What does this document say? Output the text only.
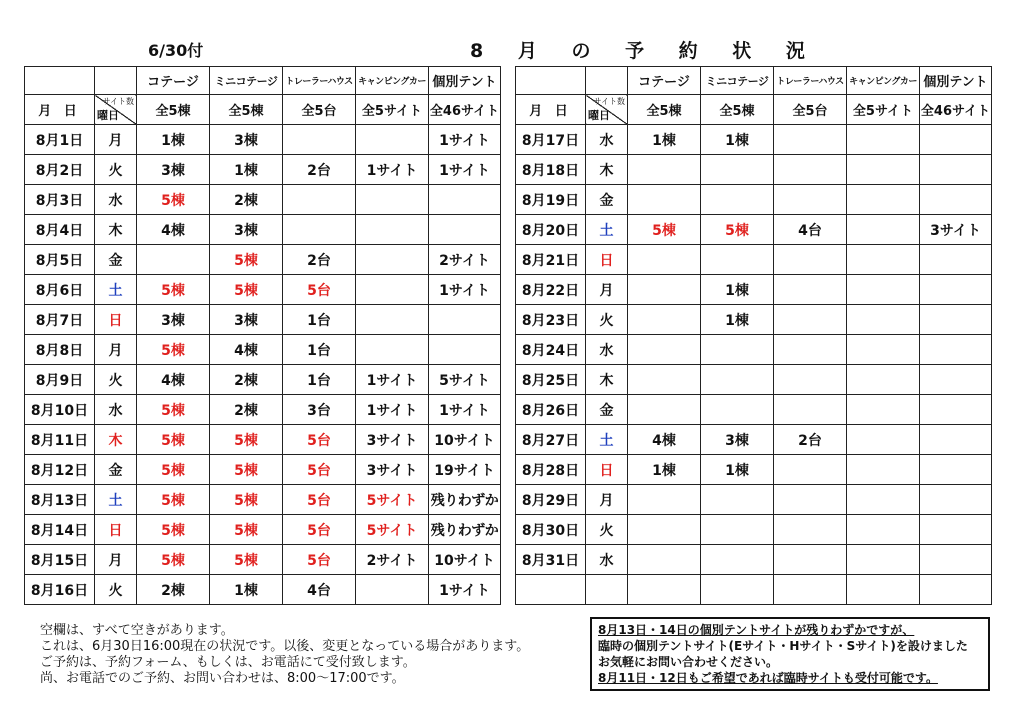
6/30付	8 月 の 予 約 状 況
		コテージ	ミニコテージ	トレーラーハウス	キャンピングカー	個別テント
月 日	サイト数
曜日	全5棟	全5棟	全5台	全5サイト	全46サイト
8月1日	月	1棟	3棟			1サイト
8月2日	火	3棟	1棟	2台	1サイト	1サイト
8月3日	水	5棟	2棟			
8月4日	木	4棟	3棟			
8月5日	金		5棟	2台		2サイト
8月6日	土	5棟	5棟	5台		1サイト
8月7日	日	3棟	3棟	1台		
8月8日	月	5棟	4棟	1台		
8月9日	火	4棟	2棟	1台	1サイト	5サイト
8月10日	水	5棟	2棟	3台	1サイト	1サイト
8月11日	木	5棟	5棟	5台	3サイト	10サイト
8月12日	金	5棟	5棟	5台	3サイト	19サイト
8月13日	土	5棟	5棟	5台	5サイト	残りわずか
8月14日	日	5棟	5棟	5台	5サイト	残りわずか
8月15日	月	5棟	5棟	5台	2サイト	10サイト
8月16日	火	2棟	1棟	4台		1サイト
		コテージ	ミニコテージ	トレーラーハウス	キャンピングカー	個別テント
月 日	サイト数
曜日	全5棟	全5棟	全5台	全5サイト	全46サイト
8月17日	水	1棟	1棟			
8月18日	木					
8月19日	金					
8月20日	土	5棟	5棟	4台		3サイト
8月21日	日					
8月22日	月		1棟			
8月23日	火		1棟			
8月24日	水					
8月25日	木					
8月26日	金					
8月27日	土	4棟	3棟	2台		
8月28日	日	1棟	1棟			
8月29日	月					
8月30日	火					
8月31日	水					

空欄は、すべて空きがあります。
これは、6月30日16:00現在の状況です。以後、変更となっている場合があります。
ご予約は、予約フォーム、もしくは、お電話にて受付致します。
尚、お電話でのご予約、お問い合わせは、8:00～17:00です。
8月13日・14日の個別テントサイトが残りわずかですが、
臨時の個別テントサイト(Eサイト・Hサイト・Sサイト)を設けました
お気軽にお問い合わせください。
8月11日・12日もご希望であれば臨時サイトも受付可能です。
